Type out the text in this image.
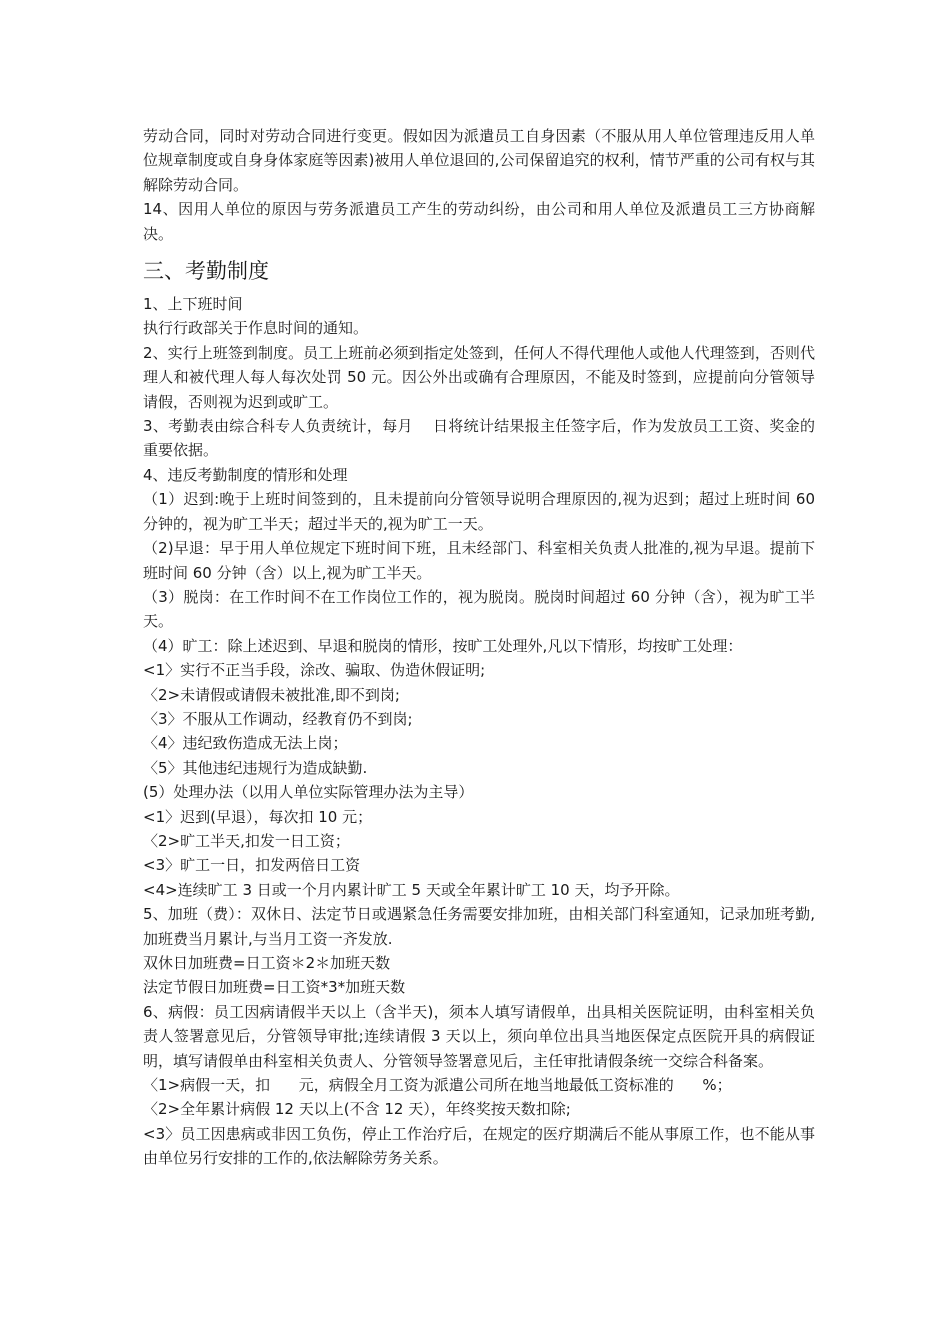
劳动合同，同时对劳动合同进行变更。假如因为派遣员工自身因素（不服从用人单位管理违反用人单位规章制度或自身身体家庭等因素)被用人单位退回的,公司保留追究的权利，情节严重的公司有权与其解除劳动合同。

14、因用人单位的原因与劳务派遣员工产生的劳动纠纷，由公司和用人单位及派遣员工三方协商解决。

三、考勤制度

1、上下班时间

执行行政部关于作息时间的通知。

2、实行上班签到制度。员工上班前必须到指定处签到，任何人不得代理他人或他人代理签到，否则代理人和被代理人每人每次处罚 50 元。因公外出或确有合理原因，不能及时签到，应提前向分管领导请假，否则视为迟到或旷工。

3、考勤表由综合科专人负责统计，每月    日将统计结果报主任签字后，作为发放员工工资、奖金的重要依据。

4、违反考勤制度的情形和处理

（1）迟到:晚于上班时间签到的，且未提前向分管领导说明合理原因的,视为迟到；超过上班时间 60 分钟的，视为旷工半天；超过半天的,视为旷工一天。

（2)早退：早于用人单位规定下班时间下班，且未经部门、科室相关负责人批准的,视为早退。提前下班时间 60 分钟（含）以上,视为旷工半天。

（3）脱岗：在工作时间不在工作岗位工作的，视为脱岗。脱岗时间超过 60 分钟（含），视为旷工半天。

（4）旷工：除上述迟到、早退和脱岗的情形，按旷工处理外,凡以下情形，均按旷工处理：

<1〉实行不正当手段，涂改、骗取、伪造休假证明;

〈2>未请假或请假未被批准,即不到岗;

〈3〉不服从工作调动，经教育仍不到岗;

〈4〉违纪致伤造成无法上岗；

〈5〉其他违纪违规行为造成缺勤.

(5）处理办法（以用人单位实际管理办法为主导）

<1〉迟到(早退），每次扣 10 元；

〈2>旷工半天,扣发一日工资；

<3〉旷工一日，扣发两倍日工资

<4>连续旷工 3 日或一个月内累计旷工 5 天或全年累计旷工 10 天，均予开除。

5、加班（费）：双休日、法定节日或遇紧急任务需要安排加班，由相关部门科室通知，记录加班考勤,加班费当月累计,与当月工资一齐发放.

双休日加班费=日工资＊2＊加班天数

法定节假日加班费=日工资*3*加班天数

6、病假：员工因病请假半天以上（含半天)，须本人填写请假单，出具相关医院证明，由科室相关负责人签署意见后，分管领导审批;连续请假 3 天以上，须向单位出具当地医保定点医院开具的病假证明，填写请假单由科室相关负责人、分管领导签署意见后，主任审批请假条统一交综合科备案。

〈1>病假一天，扣      元，病假全月工资为派遣公司所在地当地最低工资标准的      %；

〈2>全年累计病假 12 天以上(不含 12 天），年终奖按天数扣除;

<3〉员工因患病或非因工负伤，停止工作治疗后，在规定的医疗期满后不能从事原工作，也不能从事由单位另行安排的工作的,依法解除劳务关系。
